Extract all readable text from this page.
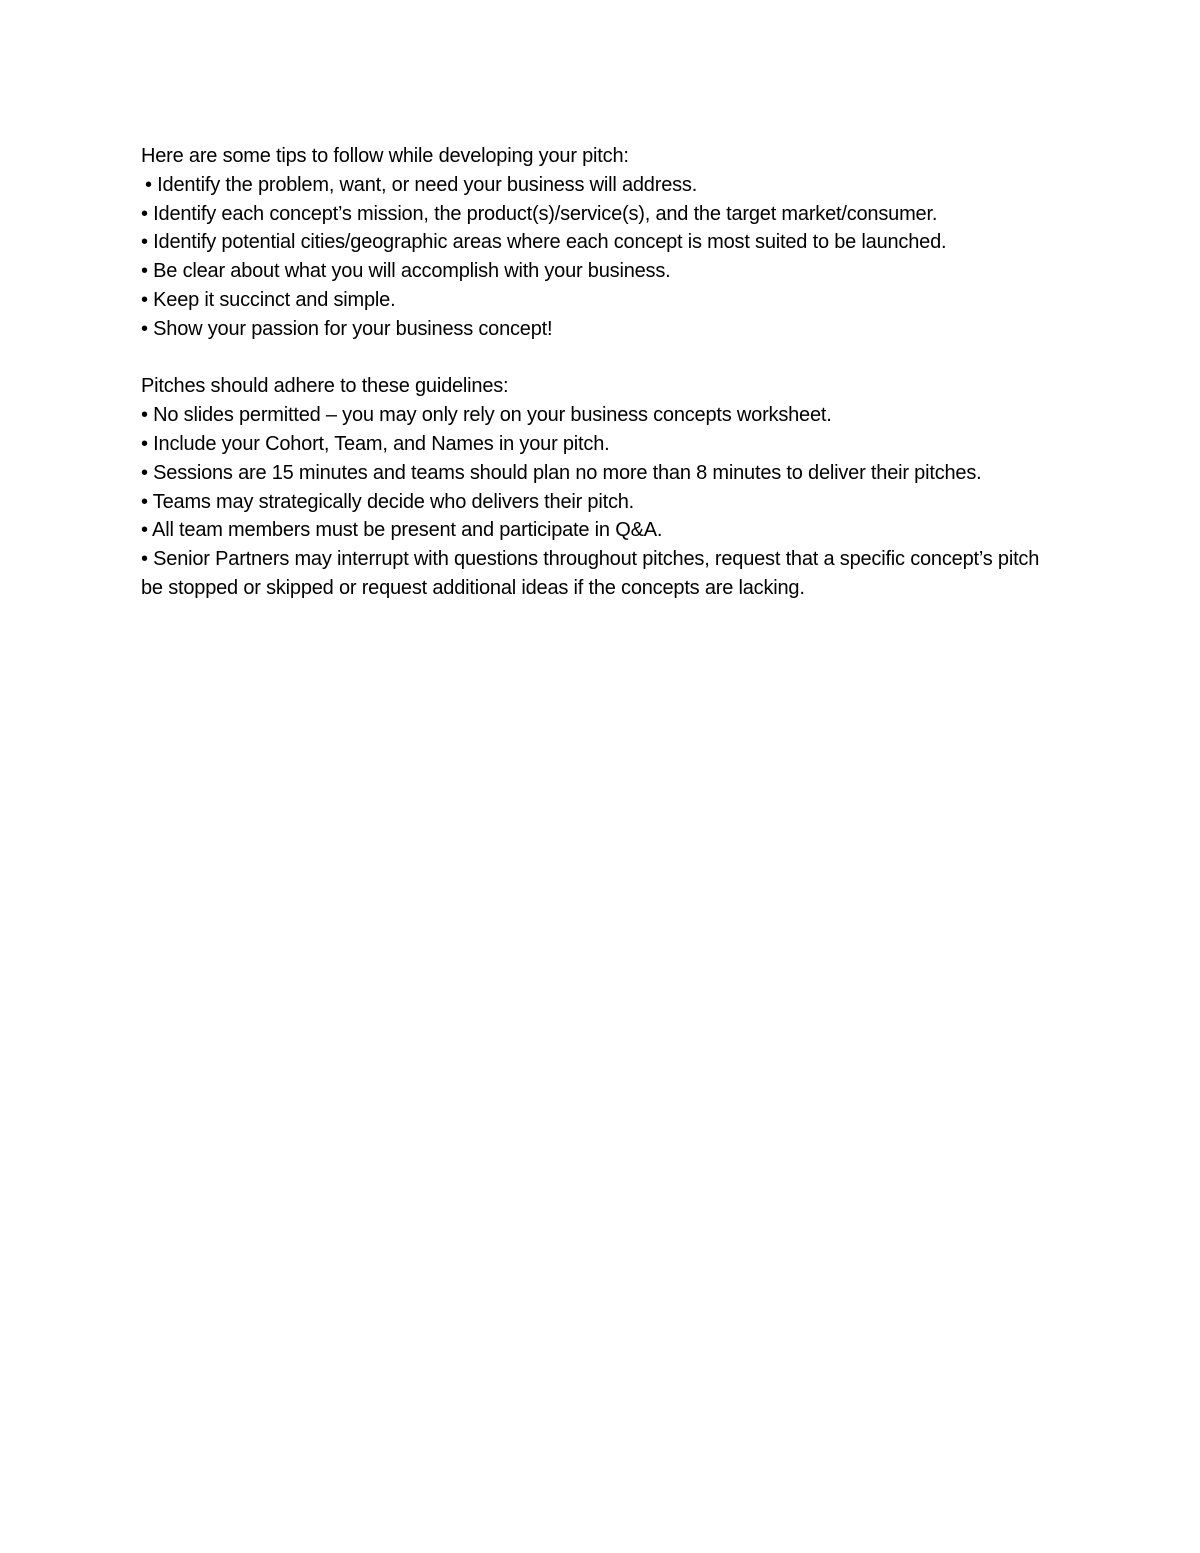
Here are some tips to follow while developing your pitch:
• Identify the problem, want, or need your business will address.
• Identify each concept’s mission, the product(s)/service(s), and the target market/consumer.
• Identify potential cities/geographic areas where each concept is most suited to be launched.
• Be clear about what you will accomplish with your business.
• Keep it succinct and simple.
• Show your passion for your business concept!
Pitches should adhere to these guidelines:
• No slides permitted – you may only rely on your business concepts worksheet.
• Include your Cohort, Team, and Names in your pitch.
• Sessions are 15 minutes and teams should plan no more than 8 minutes to deliver their pitches.
• Teams may strategically decide who delivers their pitch.
• All team members must be present and participate in Q&A.
• Senior Partners may interrupt with questions throughout pitches, request that a specific concept’s pitch be stopped or skipped or request additional ideas if the concepts are lacking.
